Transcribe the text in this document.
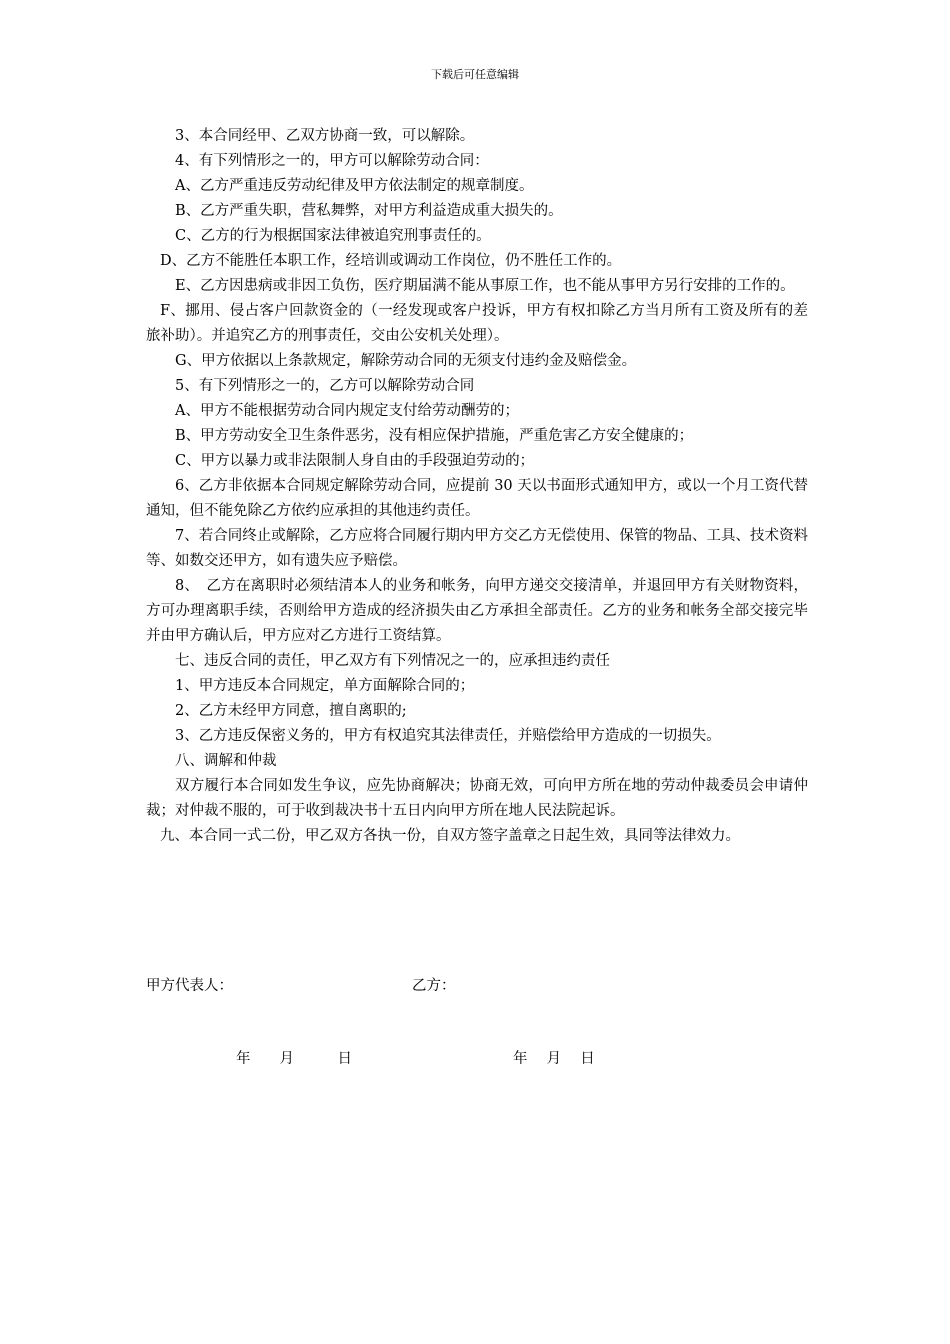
下载后可任意编辑

3、本合同经甲、乙双方协商一致，可以解除。

4、有下列情形之一的，甲方可以解除劳动合同：

A、乙方严重违反劳动纪律及甲方依法制定的规章制度。

B、乙方严重失职，营私舞弊，对甲方利益造成重大损失的。

C、乙方的行为根据国家法律被追究刑事责任的。

D、乙方不能胜任本职工作，经培训或调动工作岗位，仍不胜任工作的。

E、乙方因患病或非因工负伤，医疗期届满不能从事原工作，也不能从事甲方另行安排的工作的。

F、挪用、侵占客户回款资金的（一经发现或客户投诉，甲方有权扣除乙方当月所有工资及所有的差旅补助）。并追究乙方的刑事责任，交由公安机关处理）。

G、甲方依据以上条款规定，解除劳动合同的无须支付违约金及赔偿金。

5、有下列情形之一的，乙方可以解除劳动合同

A、甲方不能根据劳动合同内规定支付给劳动酬劳的；

B、甲方劳动安全卫生条件恶劣，没有相应保护措施，严重危害乙方安全健康的；

C、甲方以暴力或非法限制人身自由的手段强迫劳动的；

6、乙方非依据本合同规定解除劳动合同，应提前 30 天以书面形式通知甲方，或以一个月工资代替通知，但不能免除乙方依约应承担的其他违约责任。

7、若合同终止或解除，乙方应将合同履行期内甲方交乙方无偿使用、保管的物品、工具、技术资料等、如数交还甲方，如有遗失应予赔偿。

8、　乙方在离职时必须结清本人的业务和帐务，向甲方递交交接清单，并退回甲方有关财物资料，方可办理离职手续，否则给甲方造成的经济损失由乙方承担全部责任。乙方的业务和帐务全部交接完毕并由甲方确认后，甲方应对乙方进行工资结算。

七、违反合同的责任，甲乙双方有下列情况之一的，应承担违约责任

1、甲方违反本合同规定，单方面解除合同的；

2、乙方未经甲方同意，擅自离职的;

3、乙方违反保密义务的，甲方有权追究其法律责任，并赔偿给甲方造成的一切损失。

八、调解和仲裁

双方履行本合同如发生争议，应先协商解决；协商无效，可向甲方所在地的劳动仲裁委员会申请仲裁；对仲裁不服的，可于收到裁决书十五日内向甲方所在地人民法院起诉。

九、本合同一式二份，甲乙双方各执一份，自双方签字盖章之日起生效，具同等法律效力。

甲方代表人：	乙方：
年　　月　　　日	年　 月　 日
